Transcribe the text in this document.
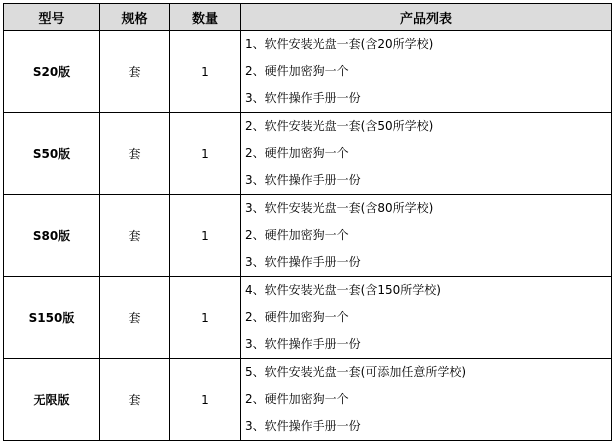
型号	规格	数量	产品列表
S20版	套	1	1、软件安装光盘一套(含20所学校)
2、硬件加密狗一个
3、软件操作手册一份

S50版	套	1	2、软件安装光盘一套(含50所学校)
2、硬件加密狗一个
3、软件操作手册一份

S80版	套	1	3、软件安装光盘一套(含80所学校)
2、硬件加密狗一个
3、软件操作手册一份

S150版	套	1	4、软件安装光盘一套(含150所学校)
2、硬件加密狗一个
3、软件操作手册一份

无限版	套	1	5、软件安装光盘一套(可添加任意所学校)
2、硬件加密狗一个
3、软件操作手册一份
